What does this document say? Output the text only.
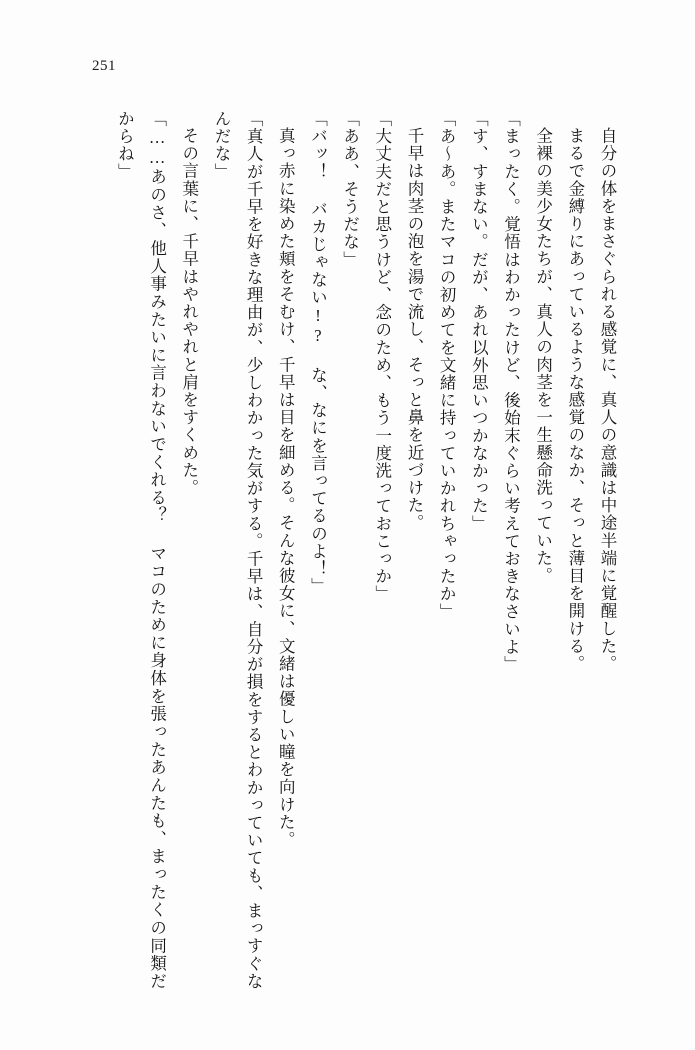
251

自分の体をまさぐられる感覚に、真人の意識は中途半端に覚醒した。

まるで金縛りにあっているような感覚のなか、そっと薄目を開ける。

全裸の美少女たちが、真人の肉茎を一生懸命洗っていた。

「まったく。覚悟はわかったけど、後始末ぐらい考えておきなさいよ」

「す、すまない。だが、あれ以外思いつかなかった」

「あ～あ。またマコの初めてを文緒に持っていかれちゃったか」

千早は肉茎の泡を湯で流し、そっと鼻を近づけた。

「大丈夫だと思うけど、念のため、もう一度洗っておこっか」

「ああ、そうだな」

「バッ！ バカじゃない!? な、なにを言ってるのよ！」

真っ赤に染めた頬をそむけ、千早は目を細める。そんな彼女に、文緒は優しい瞳を向けた。

「真人が千早を好きな理由が、少しわかった気がする。千早は、自分が損をするとわかっていても、まっすぐなんだな」

その言葉に、千早はやれやれと肩をすくめた。

「……あのさ、他人事みたいに言わないでくれる？ マコのために身体を張ったあんたも、まったくの同類だからね」
